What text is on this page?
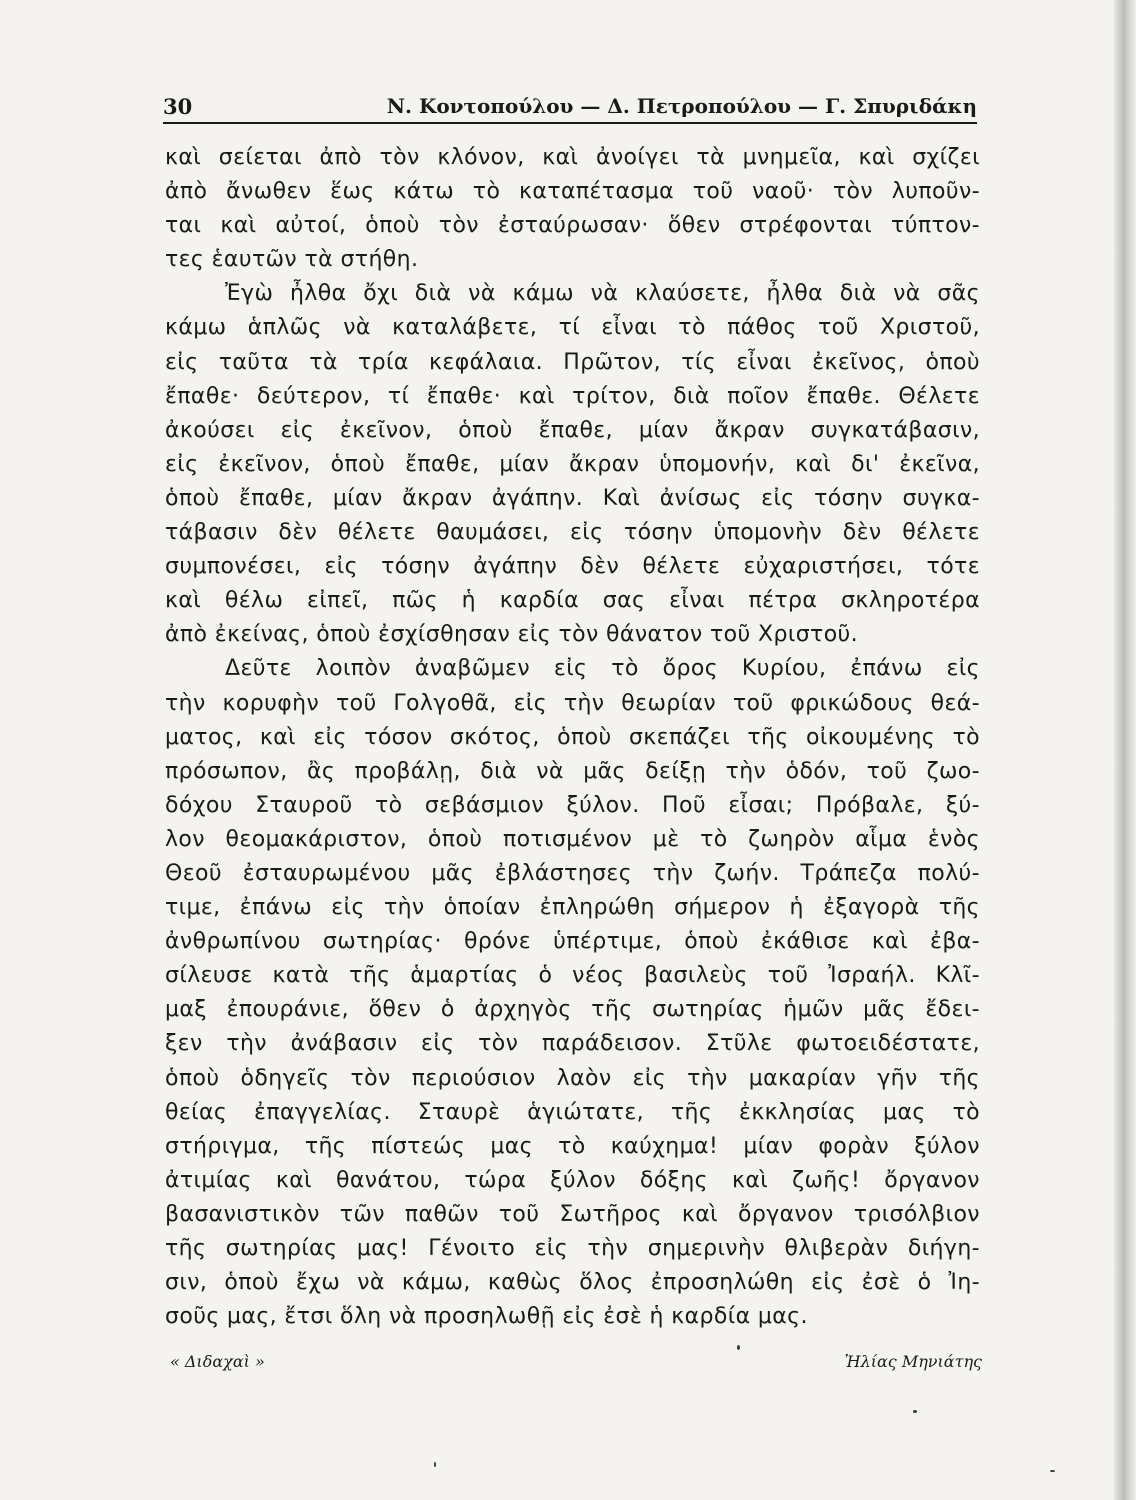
30	Ν. Κοντοπούλου — Δ. Πετροπούλου — Γ. Σπυριδάκη
καὶ σείεται ἀπὸ τὸν κλόνον, καὶ ἀνοίγει τὰ μνημεῖα, καὶ σχίζει
ἀπὸ ἄνωθεν ἕως κάτω τὸ καταπέτασμα τοῦ ναοῦ· τὸν λυποῦν-
ται καὶ αὐτοί, ὁποὺ τὸν ἐσταύρωσαν· ὅθεν στρέφονται τύπτον-
τες ἑαυτῶν τὰ στήθη.
Ἐγὼ ἦλθα ὄχι διὰ νὰ κάμω νὰ κλαύσετε, ἦλθα διὰ νὰ σᾶς
κάμω ἁπλῶς νὰ καταλάβετε, τί εἶναι τὸ πάθος τοῦ Χριστοῦ,
εἰς ταῦτα τὰ τρία κεφάλαια. Πρῶτον, τίς εἶναι ἐκεῖνος, ὁποὺ
ἔπαθε· δεύτερον, τί ἔπαθε· καὶ τρίτον, διὰ ποῖον ἔπαθε. Θέλετε
ἀκούσει εἰς ἐκεῖνον, ὁποὺ ἔπαθε, μίαν ἄκραν συγκατάβασιν,
εἰς ἐκεῖνον, ὁποὺ ἔπαθε, μίαν ἄκραν ὑπομονήν, καὶ δι' ἐκεῖνα,
ὁποὺ ἔπαθε, μίαν ἄκραν ἀγάπην. Καὶ ἀνίσως εἰς τόσην συγκα-
τάβασιν δὲν θέλετε θαυμάσει, εἰς τόσην ὑπομονὴν δὲν θέλετε
συμπονέσει, εἰς τόσην ἀγάπην δὲν θέλετε εὐχαριστήσει, τότε
καὶ θέλω εἰπεῖ, πῶς ἡ καρδία σας εἶναι πέτρα σκληροτέρα
ἀπὸ ἐκείνας, ὁποὺ ἐσχίσθησαν εἰς τὸν θάνατον τοῦ Χριστοῦ.
Δεῦτε λοιπὸν ἀναβῶμεν εἰς τὸ ὄρος Κυρίου, ἐπάνω εἰς
τὴν κορυφὴν τοῦ Γολγοθᾶ, εἰς τὴν θεωρίαν τοῦ φρικώδους θεά-
ματος, καὶ εἰς τόσον σκότος, ὁποὺ σκεπάζει τῆς οἰκουμένης τὸ
πρόσωπον, ἂς προβάλῃ, διὰ νὰ μᾶς δείξῃ τὴν ὁδόν, τοῦ ζωο-
δόχου Σταυροῦ τὸ σεβάσμιον ξύλον. Ποῦ εἶσαι; Πρόβαλε, ξύ-
λον θεομακάριστον, ὁποὺ ποτισμένον μὲ τὸ ζωηρὸν αἷμα ἑνὸς
Θεοῦ ἐσταυρωμένου μᾶς ἐβλάστησες τὴν ζωήν. Τράπεζα πολύ-
τιμε, ἐπάνω εἰς τὴν ὁποίαν ἐπληρώθη σήμερον ἡ ἐξαγορὰ τῆς
ἀνθρωπίνου σωτηρίας· θρόνε ὑπέρτιμε, ὁποὺ ἐκάθισε καὶ ἐβα-
σίλευσε κατὰ τῆς ἁμαρτίας ὁ νέος βασιλεὺς τοῦ Ἰσραήλ. Κλῖ-
μαξ ἐπουράνιε, ὅθεν ὁ ἀρχηγὸς τῆς σωτηρίας ἡμῶν μᾶς ἔδει-
ξεν τὴν ἀνάβασιν εἰς τὸν παράδεισον. Στῦλε φωτοειδέστατε,
ὁποὺ ὁδηγεῖς τὸν περιούσιον λαὸν εἰς τὴν μακαρίαν γῆν τῆς
θείας ἐπαγγελίας. Σταυρὲ ἁγιώτατε, τῆς ἐκκλησίας μας τὸ
στήριγμα, τῆς πίστεώς μας τὸ καύχημα! μίαν φορὰν ξύλον
ἀτιμίας καὶ θανάτου, τώρα ξύλον δόξης καὶ ζωῆς! ὄργανον
βασανιστικὸν τῶν παθῶν τοῦ Σωτῆρος καὶ ὄργανον τρισόλβιον
τῆς σωτηρίας μας! Γένοιτο εἰς τὴν σημερινὴν θλιβερὰν διήγη-
σιν, ὁποὺ ἔχω νὰ κάμω, καθὼς ὅλος ἐπροσηλώθη εἰς ἐσὲ ὁ Ἰη-
σοῦς μας, ἔτσι ὅλη νὰ προσηλωθῇ εἰς ἐσὲ ἡ καρδία μας.
« Διδαχαὶ »	Ἠλίας Μηνιάτης
